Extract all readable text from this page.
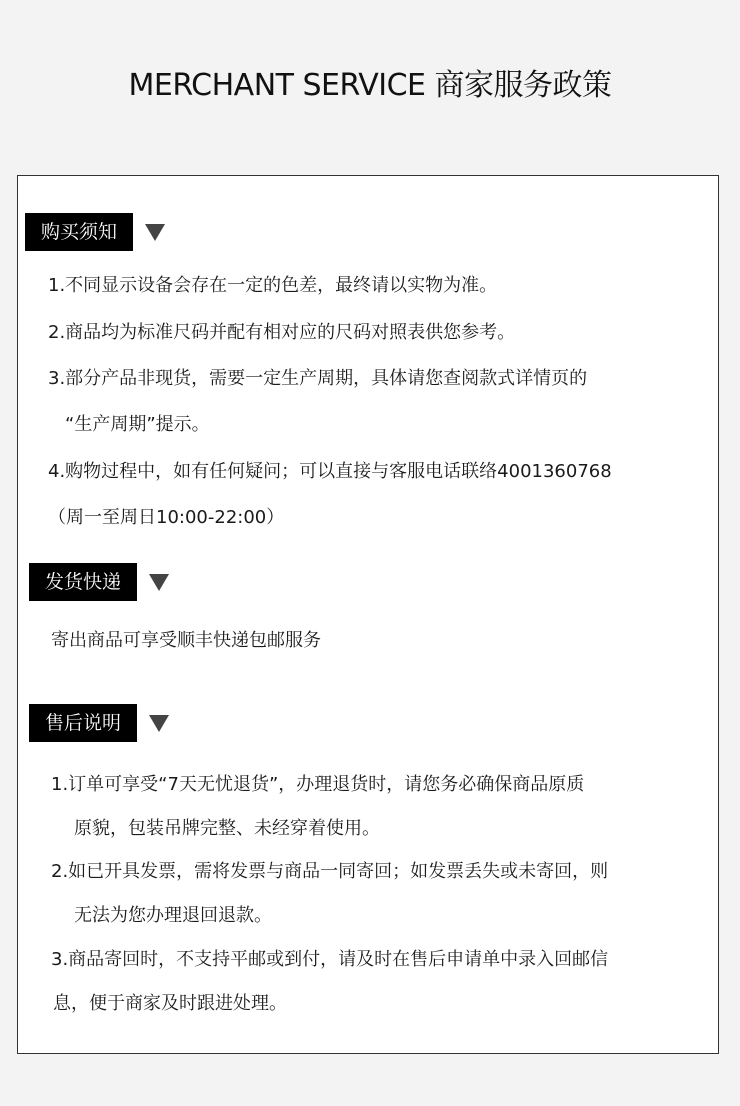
MERCHANT SERVICE 商家服务政策
购买须知
1.不同显示设备会存在一定的色差，最终请以实物为准。
2.商品均为标准尺码并配有相对应的尺码对照表供您参考。
3.部分产品非现货，需要一定生产周期，具体请您查阅款式详情页的
“生产周期”提示。
4.购物过程中，如有任何疑问；可以直接与客服电话联络4001360768
（周一至周日10:00-22:00）
发货快递
寄出商品可享受顺丰快递包邮服务
售后说明
1.订单可享受“7天无忧退货”，办理退货时，请您务必确保商品原质
原貌，包装吊牌完整、未经穿着使用。
2.如已开具发票，需将发票与商品一同寄回；如发票丢失或未寄回，则
无法为您办理退回退款。
3.商品寄回时，不支持平邮或到付，请及时在售后申请单中录入回邮信
息，便于商家及时跟进处理。
